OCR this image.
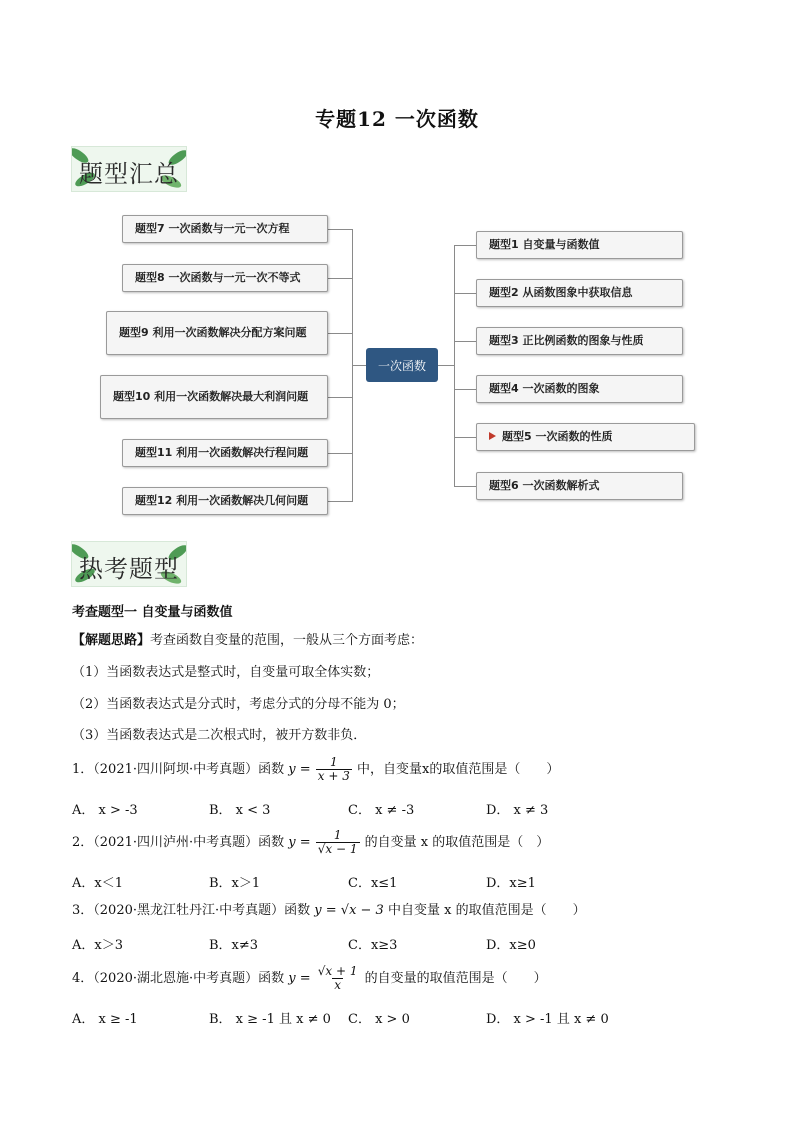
专题12 一次函数
题型汇总
一次函数
题型7 一次函数与一元一次方程
题型8 一次函数与一元一次不等式
题型9 利用一次函数解决分配方案问题
题型10 利用一次函数解决最大利润问题
题型11 利用一次函数解决行程问题
题型12 利用一次函数解决几何问题
题型1 自变量与函数值
题型2 从函数图象中获取信息
题型3 正比例函数的图象与性质
题型4 一次函数的图象
题型5 一次函数的性质
题型6 一次函数解析式
热考题型
考查题型一 自变量与函数值
【解题思路】考查函数自变量的范围，一般从三个方面考虑：
（1）当函数表达式是整式时，自变量可取全体实数；
（2）当函数表达式是分式时，考虑分式的分母不能为 0；
（3）当函数表达式是二次根式时，被开方数非负．
1．（2021·四川阿坝·中考真题）函数 $y = \frac{1}{x + 3}$ 中，自变量x的取值范围是（　　）
A． x > -3	B． x < 3	C． x ≠ -3	D． x ≠ 3
2．（2021·四川泸州·中考真题）函数 $y = \frac{1}{√x - 1}$ 的自变量 x 的取值范围是（　）
A．x＜1	B．x＞1	C．x≤1	D．x≥1
3．（2020·黑龙江牡丹江·中考真题）函数 y = √x − 3 中自变量 x 的取值范围是（　　）
A．x＞3	B．x≠3	C．x≥3	D．x≥0
4．（2020·湖北恩施·中考真题）函数 $y = \frac{√x + 1}{x}$ 的自变量的取值范围是（　　）
A． x ≥ -1	B． x ≥ -1 且 x ≠ 0 C． x > 0	D． x > -1 且 x ≠ 0
